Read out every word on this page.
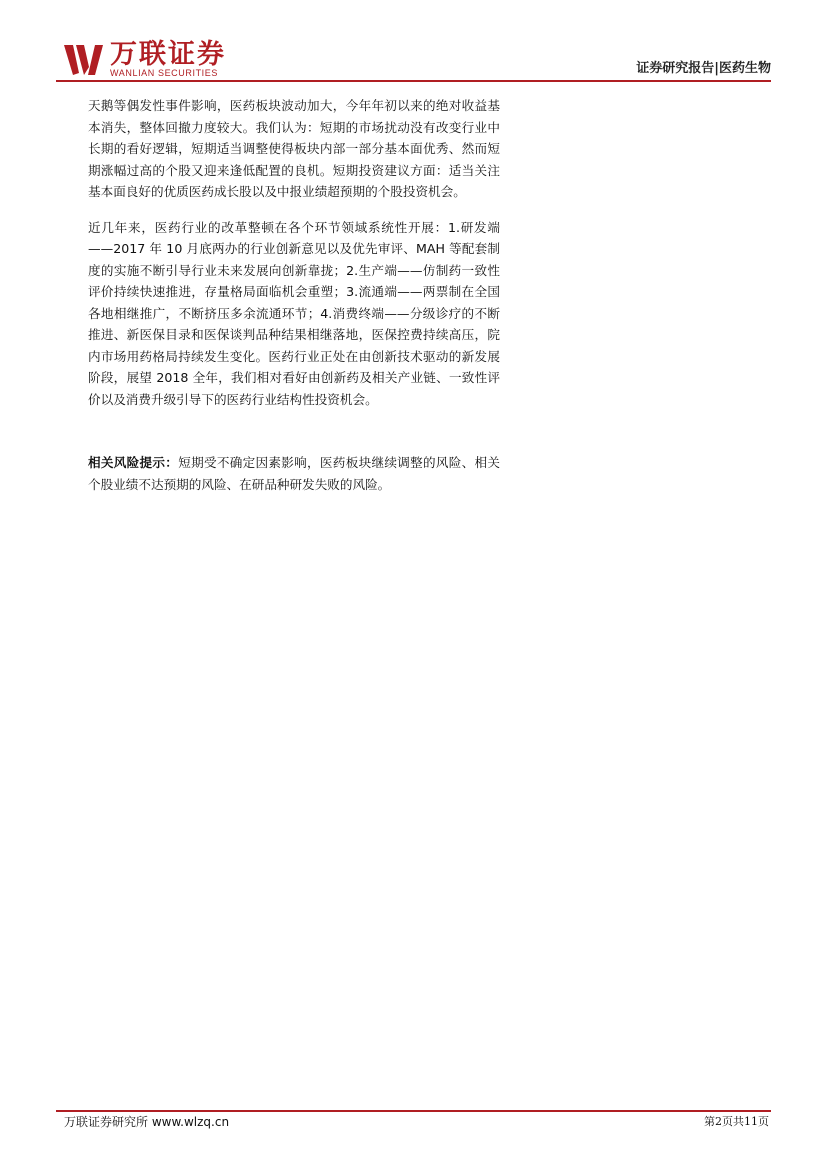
万联证券
WANLIAN SECURITIES	证券研究报告|医药生物

天鹅等偶发性事件影响，医药板块波动加大，今年年初以来的绝对收益基本消失，整体回撤力度较大。我们认为：短期的市场扰动没有改变行业中长期的看好逻辑，短期适当调整使得板块内部一部分基本面优秀、然而短期涨幅过高的个股又迎来逢低配置的良机。短期投资建议方面：适当关注基本面良好的优质医药成长股以及中报业绩超预期的个股投资机会。

近几年来，医药行业的改革整顿在各个环节领域系统性开展：1.研发端——2017 年 10 月底两办的行业创新意见以及优先审评、MAH 等配套制度的实施不断引导行业未来发展向创新靠拢；2.生产端——仿制药一致性评价持续快速推进，存量格局面临机会重塑；3.流通端——两票制在全国各地相继推广，不断挤压多余流通环节；4.消费终端——分级诊疗的不断推进、新医保目录和医保谈判品种结果相继落地，医保控费持续高压，院内市场用药格局持续发生变化。医药行业正处在由创新技术驱动的新发展阶段，展望 2018 全年，我们相对看好由创新药及相关产业链、一致性评价以及消费升级引导下的医药行业结构性投资机会。

相关风险提示：短期受不确定因素影响，医药板块继续调整的风险、相关个股业绩不达预期的风险、在研品种研发失败的风险。

万联证券研究所 www.wlzq.cn	第2页共11页
